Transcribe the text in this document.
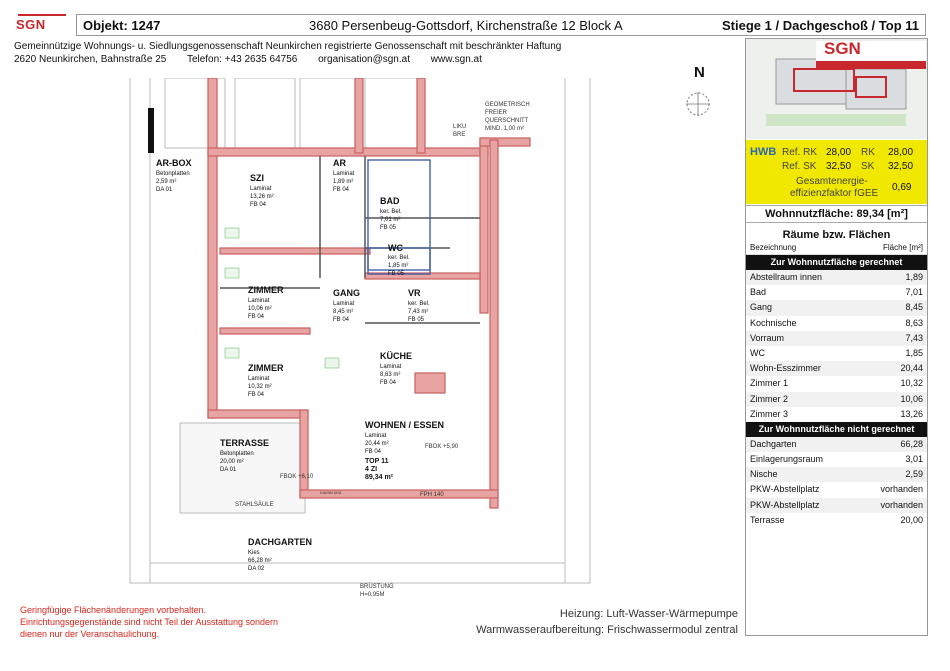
SGN	Objekt: 1247	3680 Persenbeug-Gottsdorf, Kirchenstraße 12 Block A	Stiege 1 / Dachgeschoß / Top 11
Gemeinnützige Wohnungs- u. Siedlungsgenossenschaft Neunkirchen registrierte Genossenschaft mit beschränkter Haftung
2620 Neunkirchen, Bahnstraße 25 Telefon: +43 2635 64756 organisation@sgn.at www.sgn.at
AR-BOX
Betonplatten
2,59 m²
DA 01
SZI
Laminat
13,26 m²
FB 04
AR
Laminat
1,89 m²
FB 04
BAD
ker. Bel.
7,01 m²
FB 05
WC
ker. Bel.
1,85 m²
FB 05
ZIMMER
Laminat
10,06 m²
FB 04
GANG
Laminat
8,45 m²
FB 04
VR
ker. Bel.
7,43 m²
FB 05
ZIMMER
Laminat
10,32 m²
FB 04
KÜCHE
Laminat
8,63 m²
FB 04
WOHNEN / ESSEN
Laminat
20,44 m²
FB 04
TOP 11
4 ZI
89,34 m²
TERRASSE
Betonplatten
20,00 m²
DA 01
DACHGARTEN
Kies
66,28 m²
DA 02
GEOMETRISCH
FREIER
QUERSCHNITT
MIND. 1,00 m²
STAHLSÄULE
FBOK +6,10
FBOK +5,90
BRÜSTUNG
H=0,95M
FPH 140
KAMIN Ø18
LIKU
BRE
N
SGN
HWB Ref. RK 28,00 RK 28,00
Ref. SK 32,50 SK 32,50
Gesamtenergie-
effizienzfaktor fGEE
0,69
Wohnnutzfläche: 89,34 [m²]
Räume bzw. Flächen
Bezeichnung	Fläche [m²]
Zur Wohnnutzfläche gerechnet
Abstellraum innen	1,89
Bad	7,01
Gang	8,45
Kochnische	8,63
Vorraum	7,43
WC	1,85
Wohn-Esszimmer	20,44
Zimmer 1	10,32
Zimmer 2	10,06
Zimmer 3	13,26
Zur Wohnnutzfläche nicht gerechnet
Dachgarten	66,28
Einlagerungsraum	3,01
Nische	2,59
PKW-Abstellplatz	vorhanden
PKW-Abstellplatz	vorhanden
Terrasse	20,00
Geringfügige Flächenänderungen vorbehalten.
Einrichtungsgegenstände sind nicht Teil der Ausstattung sondern
dienen nur der Veranschaulichung.
Heizung: Luft-Wasser-Wärmepumpe
Warmwasseraufbereitung: Frischwassermodul zentral
